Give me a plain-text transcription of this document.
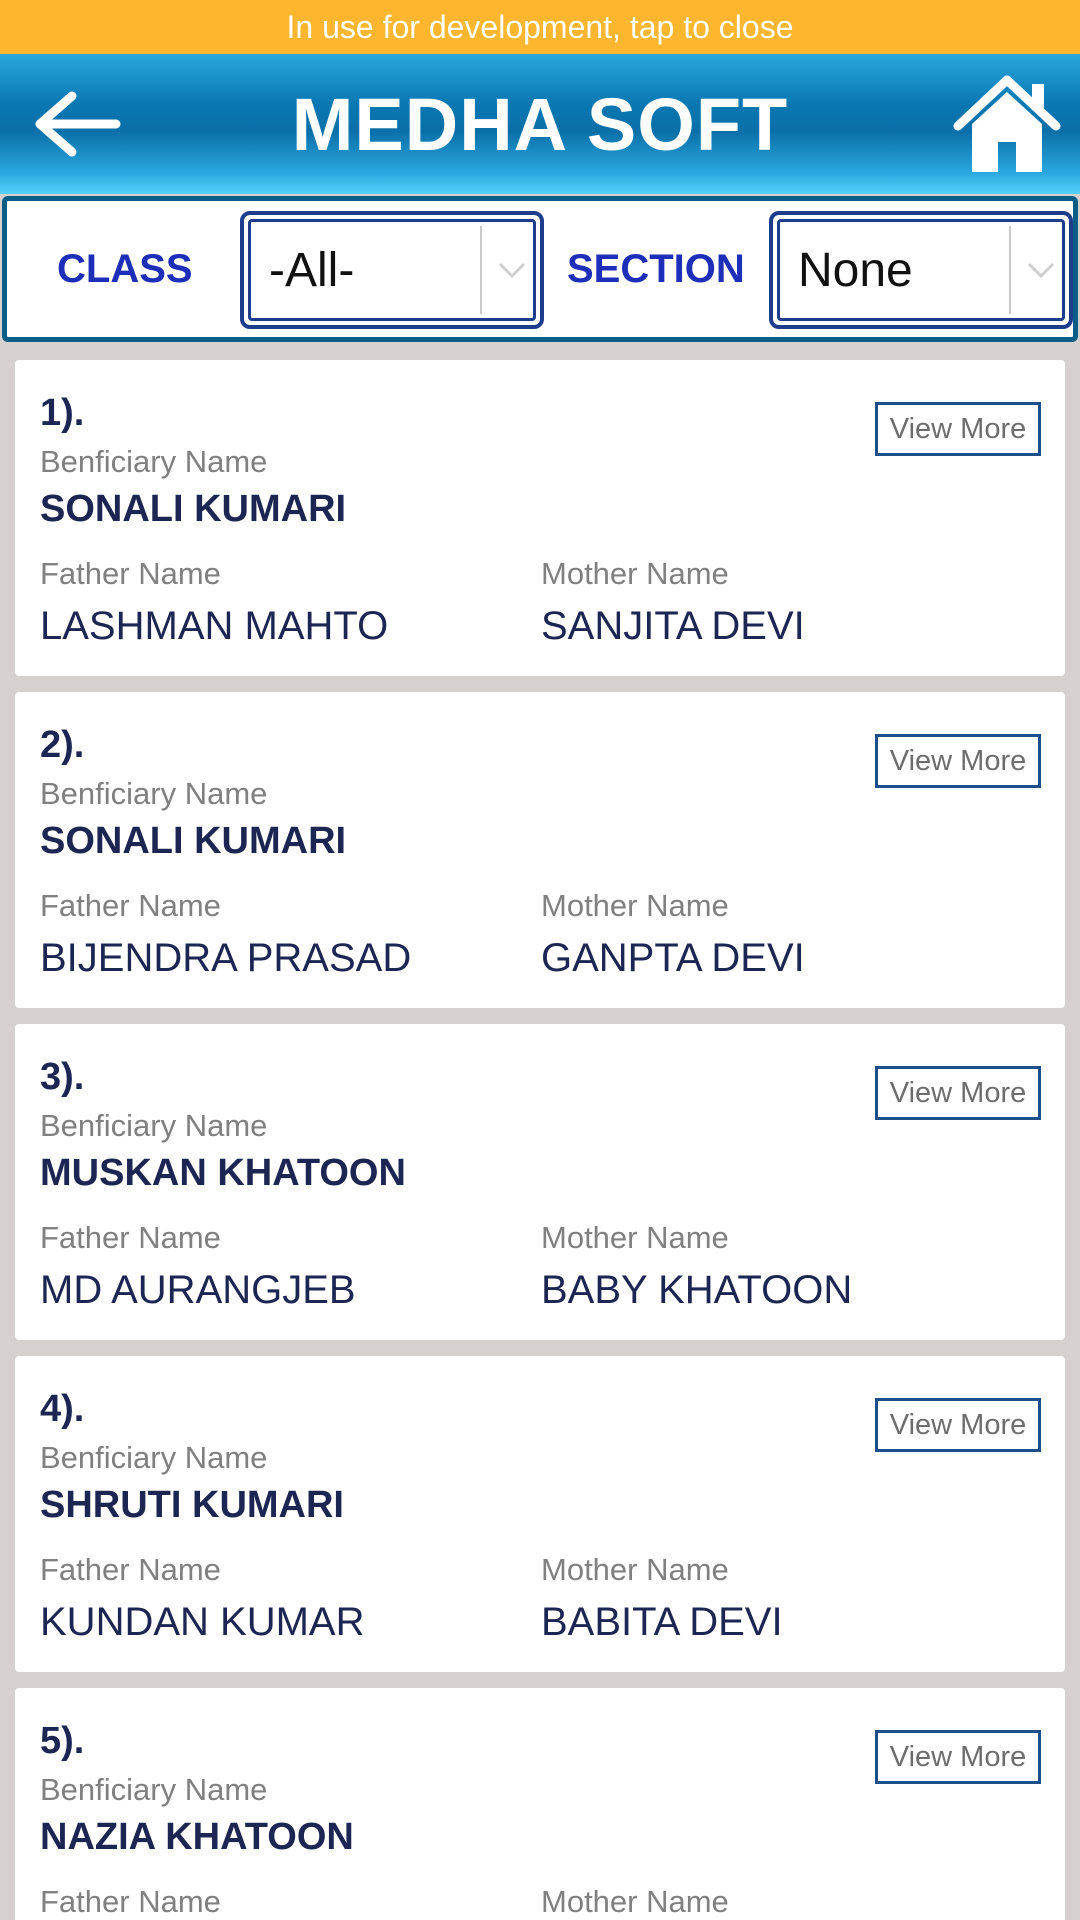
In use for development, tap to close
MEDHA SOFT
CLASS -All-	SECTION None
1).
Benficiary Name
SONALI KUMARI
Father Name
LASHMAN MAHTO
Mother Name
SANJITA DEVI
View More
2).
Benficiary Name
SONALI KUMARI
Father Name
BIJENDRA PRASAD
Mother Name
GANPTA DEVI
View More
3).
Benficiary Name
MUSKAN KHATOON
Father Name
MD AURANGJEB
Mother Name
BABY KHATOON
View More
4).
Benficiary Name
SHRUTI KUMARI
Father Name
KUNDAN KUMAR
Mother Name
BABITA DEVI
View More
5).
Benficiary Name
NAZIA KHATOON
Father Name	Mother Name
View More
